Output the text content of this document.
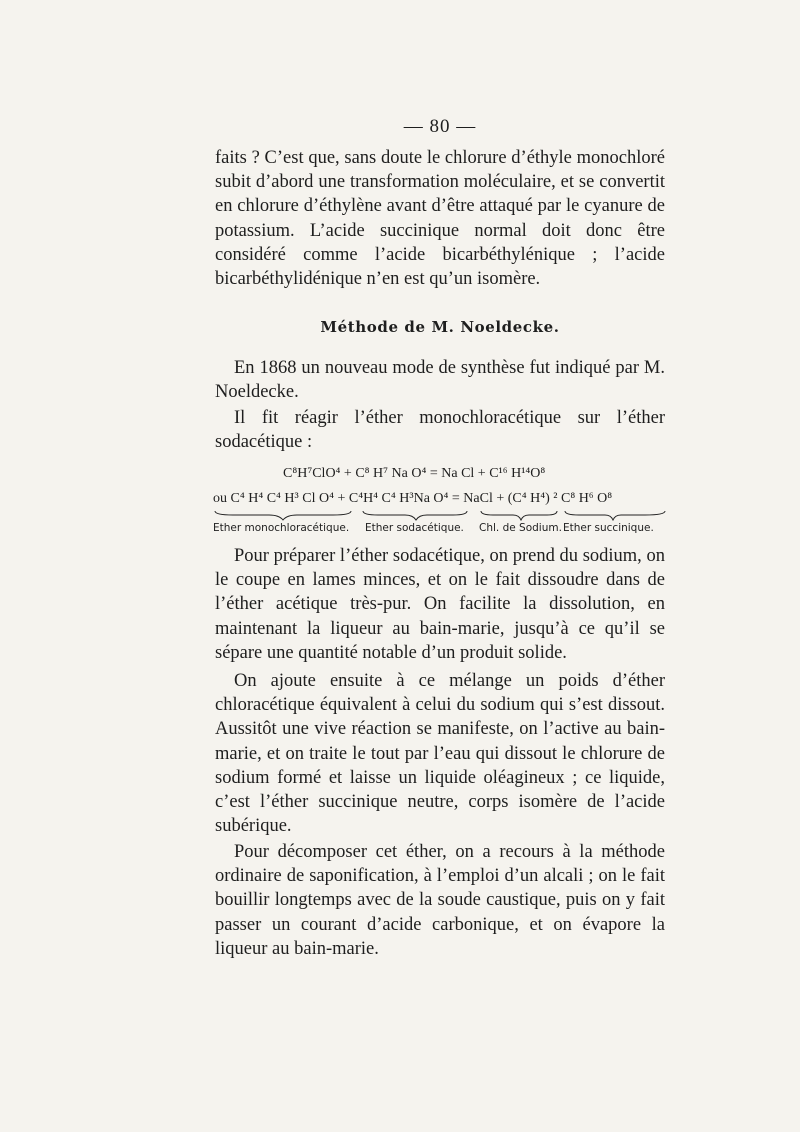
— 80 —

faits ? C’est que, sans doute le chlorure d’éthyle monochloré subit d’abord une transformation moléculaire, et se convertit en chlorure d’éthylène avant d’être attaqué par le cyanure de potassium. L’acide succinique normal doit donc être considéré comme l’acide bicarbéthylénique ; l’acide bicarbéthylidénique n’en est qu’un isomère.

Méthode de M. Noeldecke.

En 1868 un nouveau mode de synthèse fut indiqué par M. Noeldecke.

Il fit réagir l’éther monochloracétique sur l’éther sodacétique :

C⁸H⁷ClO⁴ + C⁸ H⁷ Na O⁴ = Na Cl + C¹⁶ H¹⁴O⁸
ou C⁴ H⁴ C⁴ H³ Cl O⁴ + C⁴H⁴ C⁴ H³Na O⁴ = NaCl + (C⁴ H⁴) ² C⁸ H⁶ O⁸
Ether monochloracétique. Ether sodacétique. Chl. de Sodium. Ether succinique.

Pour préparer l’éther sodacétique, on prend du sodium, on le coupe en lames minces, et on le fait dissoudre dans de l’éther acétique très-pur. On facilite la dissolution, en maintenant la liqueur au bain-marie, jusqu’à ce qu’il se sépare une quantité notable d’un produit solide.

On ajoute ensuite à ce mélange un poids d’éther chloracétique équivalent à celui du sodium qui s’est dissout. Aussitôt une vive réaction se manifeste, on l’active au bain-marie, et on traite le tout par l’eau qui dissout le chlorure de sodium formé et laisse un liquide oléagineux ; ce liquide, c’est l’éther succinique neutre, corps isomère de l’acide subérique.

Pour décomposer cet éther, on a recours à la méthode ordinaire de saponification, à l’emploi d’un alcali ; on le fait bouillir longtemps avec de la soude caustique, puis on y fait passer un courant d’acide carbonique, et on évapore la liqueur au bain-marie.
